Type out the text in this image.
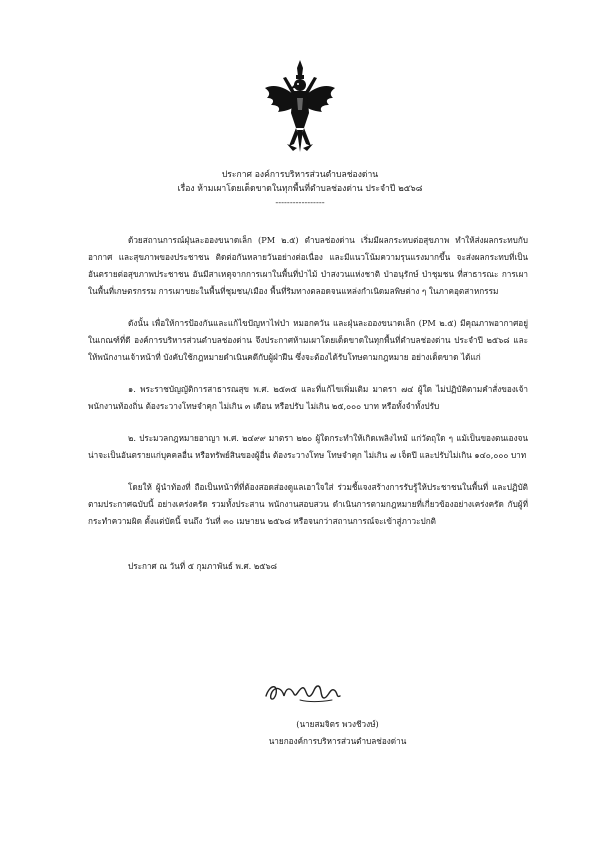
ประกาศ องค์การบริหารส่วนตำบลช่องด่าน
เรื่อง ห้ามเผาโดยเด็ดขาดในทุกพื้นที่ตำบลช่องด่าน ประจำปี ๒๕๖๘
-----------------

ด้วยสถานการณ์ฝุ่นละอองขนาดเล็ก (PM ๒.๕) ตำบลช่องด่าน เริ่มมีผลกระทบต่อสุขภาพ ทำให้ส่งผลกระทบกับอากาศ และสุขภาพของประชาชน ติดต่อกันหลายวันอย่างต่อเนื่อง และมีแนวโน้มความรุนแรงมากขึ้น จะส่งผลกระทบที่เป็นอันตรายต่อสุขภาพประชาชน อันมีสาเหตุจากการเผาในพื้นที่ป่าไม้ ป่าสงวนแห่งชาติ ป่าอนุรักษ์ ป่าชุมชน ที่สาธารณะ การเผาในพื้นที่เกษตรกรรม การเผาขยะในพื้นที่ชุมชน/เมือง พื้นที่ริมทางตลอดจนแหล่งกำเนิดมลพิษต่าง ๆ ในภาคอุตสาหกรรม

ดังนั้น เพื่อให้การป้องกันและแก้ไขปัญหาไฟป่า หมอกควัน และฝุ่นละอองขนาดเล็ก (PM ๒.๕) มีคุณภาพอากาศอยู่ในเกณฑ์ที่ดี องค์การบริหารส่วนตำบลช่องด่าน จึงประกาศห้ามเผาโดยเด็ดขาดในทุกพื้นที่ตำบลช่องด่าน ประจำปี ๒๕๖๘ และให้พนักงานเจ้าหน้าที่ บังคับใช้กฎหมายดำเนินคดีกับผู้ฝ่าฝืน ซึ่งจะต้องได้รับโทษตามกฎหมาย อย่างเด็ดขาด ได้แก่

๑. พระราชบัญญัติการสาธารณสุข พ.ศ. ๒๕๓๕ และที่แก้ไขเพิ่มเติม มาตรา ๗๔ ผู้ใด ไม่ปฏิบัติตามคำสั่งของเจ้าพนักงานท้องถิ่น ต้องระวางโทษจำคุก ไม่เกิน ๓ เดือน หรือปรับ ไม่เกิน ๒๕,๐๐๐ บาท หรือทั้งจำทั้งปรับ

๒. ประมวลกฎหมายอาญา พ.ศ. ๒๔๙๙ มาตรา ๒๒๐ ผู้ใดกระทำให้เกิดเพลิงไหม้ แก่วัตถุใด ๆ แม้เป็นของตนเองจนน่าจะเป็นอันตรายแก่บุคคลอื่น หรือทรัพย์สินของผู้อื่น ต้องระวางโทษ โทษจำคุก ไม่เกิน ๗ เจ็ดปี และปรับไม่เกิน ๑๔๐,๐๐๐ บาท

โดยให้ ผู้นำท้องที่ ถือเป็นหน้าที่ที่ต้องสอดส่องดูแลเอาใจใส่ ร่วมชี้แจงสร้างการรับรู้ให้ประชาชนในพื้นที่ และปฏิบัติตามประกาศฉบับนี้ อย่างเคร่งครัด รวมทั้งประสาน พนักงานสอบสวน ดำเนินการตามกฎหมายที่เกี่ยวข้องอย่างเคร่งครัด กับผู้ที่กระทำความผิด ตั้งแต่บัดนี้ จนถึง วันที่ ๓๐ เมษายน ๒๕๖๘ หรือจนกว่าสถานการณ์จะเข้าสู่ภาวะปกติ

ประกาศ ณ วันที่ ๕ กุมภาพันธ์ พ.ศ. ๒๕๖๘

(นายสมจิตร พวงชีวงษ์)
นายกองค์การบริหารส่วนตำบลช่องด่าน
